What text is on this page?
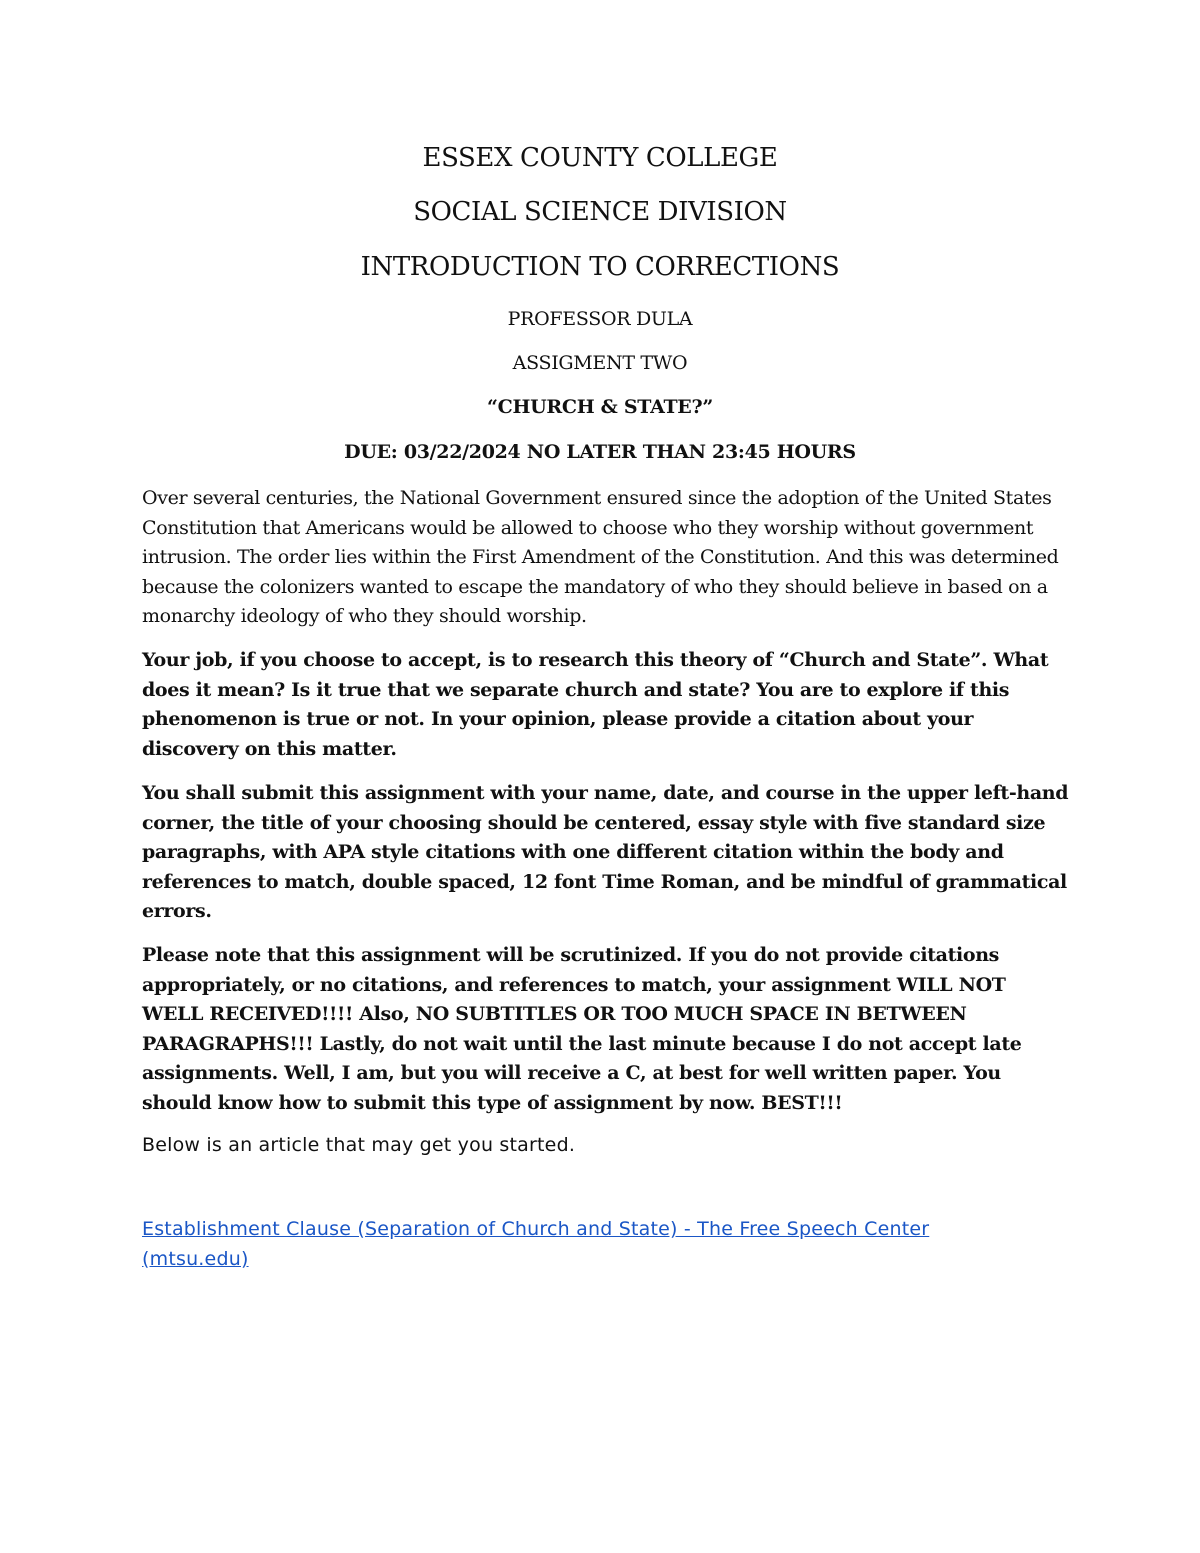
ESSEX COUNTY COLLEGE
SOCIAL SCIENCE DIVISION
INTRODUCTION TO CORRECTIONS
PROFESSOR DULA
ASSIGMENT TWO
“CHURCH & STATE?”
DUE: 03/22/2024 NO LATER THAN 23:45 HOURS

Over several centuries, the National Government ensured since the adoption of the United States Constitution that Americans would be allowed to choose who they worship without government intrusion. The order lies within the First Amendment of the Constitution. And this was determined because the colonizers wanted to escape the mandatory of who they should believe in based on a monarchy ideology of who they should worship.

Your job, if you choose to accept, is to research this theory of “Church and State”. What does it mean? Is it true that we separate church and state? You are to explore if this phenomenon is true or not. In your opinion, please provide a citation about your discovery on this matter.

You shall submit this assignment with your name, date, and course in the upper left-hand corner, the title of your choosing should be centered, essay style with five standard size paragraphs, with APA style citations with one different citation within the body and references to match, double spaced, 12 font Time Roman, and be mindful of grammatical errors.

Please note that this assignment will be scrutinized. If you do not provide citations appropriately, or no citations, and references to match, your assignment WILL NOT WELL RECEIVED!!!! Also, NO SUBTITLES OR TOO MUCH SPACE IN BETWEEN PARAGRAPHS!!! Lastly, do not wait until the last minute because I do not accept late assignments. Well, I am, but you will receive a C, at best for well written paper. You should know how to submit this type of assignment by now. BEST!!!

Below is an article that may get you started.

Establishment Clause (Separation of Church and State) - The Free Speech Center
(mtsu.edu)
